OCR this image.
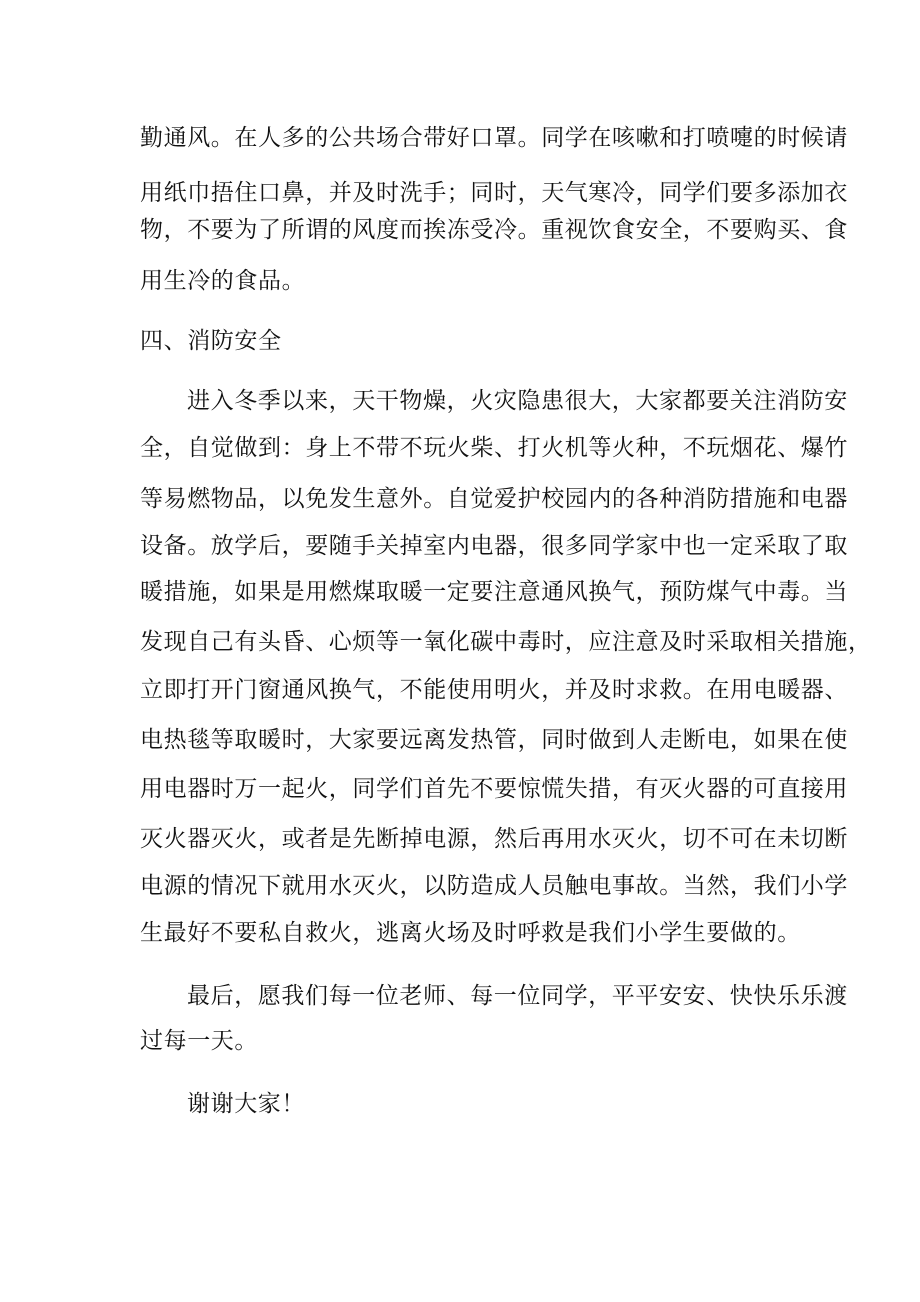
勤通风。在人多的公共场合带好口罩。同学在咳嗽和打喷嚏的时候请

用纸巾捂住口鼻，并及时洗手；同时，天气寒冷，同学们要多添加衣

物，不要为了所谓的风度而挨冻受冷。重视饮食安全，不要购买、食

用生冷的食品。

四、消防安全

进入冬季以来，天干物燥，火灾隐患很大，大家都要关注消防安

全，自觉做到：身上不带不玩火柴、打火机等火种，不玩烟花、爆竹

等易燃物品，以免发生意外。自觉爱护校园内的各种消防措施和电器

设备。放学后，要随手关掉室内电器，很多同学家中也一定采取了取

暖措施，如果是用燃煤取暖一定要注意通风换气，预防煤气中毒。当

发现自己有头昏、心烦等一氧化碳中毒时，应注意及时采取相关措施，

立即打开门窗通风换气，不能使用明火，并及时求救。在用电暖器、

电热毯等取暖时，大家要远离发热管，同时做到人走断电，如果在使

用电器时万一起火，同学们首先不要惊慌失措，有灭火器的可直接用

灭火器灭火，或者是先断掉电源，然后再用水灭火，切不可在未切断

电源的情况下就用水灭火，以防造成人员触电事故。当然，我们小学

生最好不要私自救火，逃离火场及时呼救是我们小学生要做的。

最后，愿我们每一位老师、每一位同学，平平安安、快快乐乐渡

过每一天。

谢谢大家！
